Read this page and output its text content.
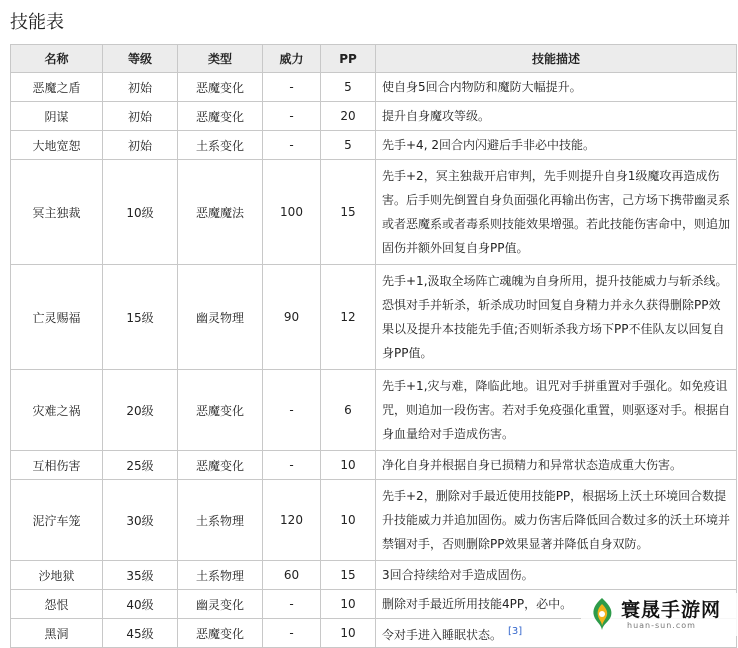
技能表
名称	等级	类型	威力	PP	技能描述
恶魔之盾	初始	恶魔变化	-	5	使自身5回合内物防和魔防大幅提升。
阴谋	初始	恶魔变化	-	20	提升自身魔攻等级。
大地宽恕	初始	土系变化	-	5	先手+4, 2回合内闪避后手非必中技能。
冥主独裁	10级	恶魔魔法	100	15	先手+2，冥主独裁开启审判，先手则提升自身1级魔攻再造成伤害。后手则先倒置自身负面强化再输出伤害，己方场下携带幽灵系或者恶魔系或者毒系则技能效果增强。若此技能伤害命中，则追加固伤并额外回复自身PP值。
亡灵赐福	15级	幽灵物理	90	12	先手+1,汲取全场阵亡魂魄为自身所用，提升技能威力与斩杀线。恐惧对手并斩杀，斩杀成功时回复自身精力并永久获得删除PP效果以及提升本技能先手值;否则斩杀我方场下PP不佳队友以回复自身PP值。
灾难之祸	20级	恶魔变化	-	6	先手+1,灾与难，降临此地。诅咒对手拼重置对手强化。如免疫诅咒，则追加一段伤害。若对手免疫强化重置，则驱逐对手。根据自身血量给对手造成伤害。
互相伤害	25级	恶魔变化	-	10	净化自身并根据自身已损精力和异常状态造成重大伤害。
泥泞车笼	30级	土系物理	120	10	先手+2，删除对手最近使用技能PP，根据场上沃土环境回合数提升技能威力并追加固伤。威力伤害后降低回合数过多的沃土环境并禁锢对手，否则删除PP效果显著并降低自身双防。
沙地狱	35级	土系物理	60	15	3回合持续给对手造成固伤。
怨恨	40级	幽灵变化	-	10	删除对手最近所用技能4PP，必中。
黑洞	45级	恶魔变化	-	10	令对手进入睡眠状态。 [3]
寰晟手游网
huan-sun.com
